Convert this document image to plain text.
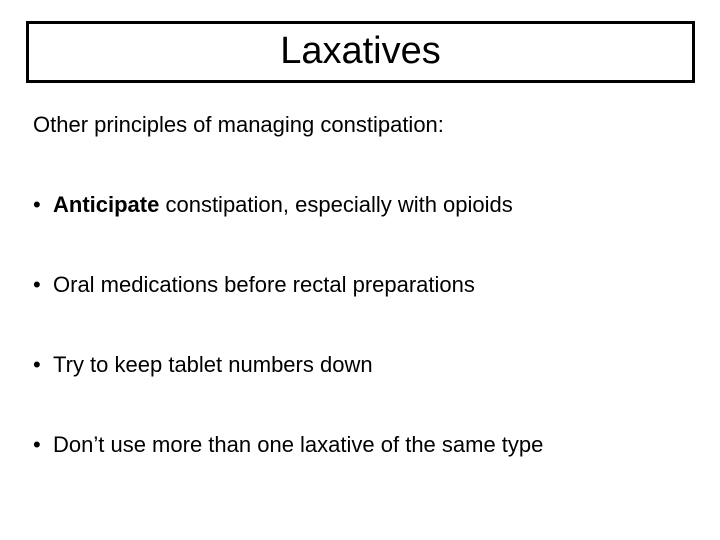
Laxatives
Other principles of managing constipation:
• Anticipate constipation, especially with opioids
• Oral medications before rectal preparations
• Try to keep tablet numbers down
• Don’t use more than one laxative of the same type
